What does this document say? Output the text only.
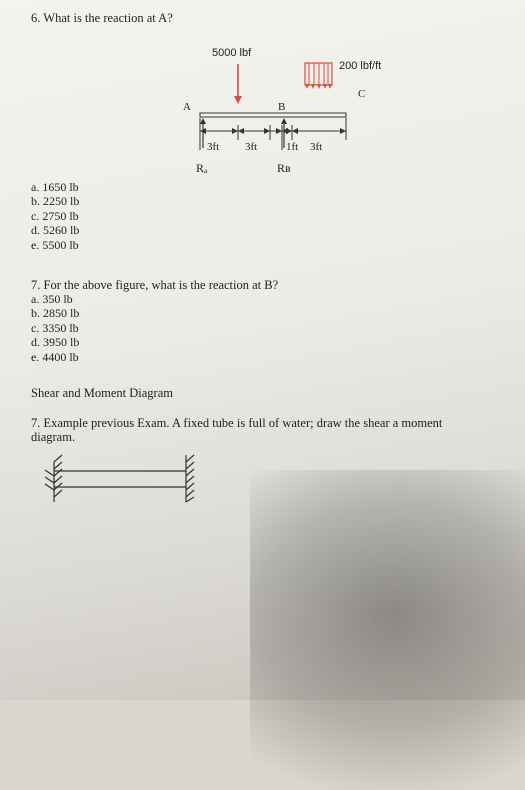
6. What is the reaction at A?
5000 lbf
200 lbf/ft
A	B
C
3ft 3ft	1ft 3ft
Rₐ	Rʙ
a. 1650 lb
b. 2250 lb
c. 2750 lb
d. 5260 lb
e. 5500 lb
7. For the above figure, what is the reaction at B?
a. 350 lb
b. 2850 lb
c. 3350 lb
d. 3950 lb
e. 4400 lb
Shear and Moment Diagram
7. Example previous Exam. A fixed tube is full of water; draw the shear a moment
diagram.
